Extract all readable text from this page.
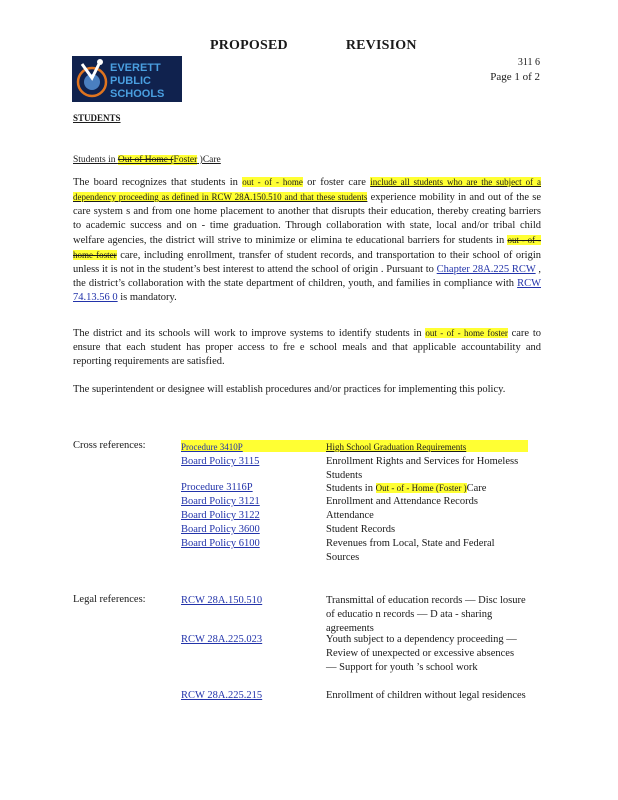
PROPOSED	REVISION
311 6
Page 1 of 2
EVERETT
PUBLIC
SCHOOLS
STUDENTS
Students in Out of Home (Foster )Care
The board recognizes that students in out - of - home or foster care include all students who are the subject of a dependency proceeding as defined in RCW 28A.150.510 and that these students experience mobility in and out of the se care system s and from one home placement to another that disrupts their education, thereby creating barriers to academic success and on - time graduation. Through collaboration with state, local and/or tribal child welfare agencies, the district will strive to minimize or elimina te educational barriers for students in out - of - home foster care, including enrollment, transfer of student records, and transportation to their school of origin unless it is not in the student’s best interest to attend the school of origin . Pursuant to Chapter 28A.225 RCW , the district’s collaboration with the state department of children, youth, and families in compliance with RCW 74.13.56 0 is mandatory.
The district and its schools will work to improve systems to identify students in out - of - home foster care to ensure that each student has proper access to fre e school meals and that applicable accountability and reporting requirements are satisfied.
The superintendent or designee will establish procedures and/or practices for implementing this policy.
Cross references:	Procedure 3410P	High School Graduation Requirements
Board Policy 3115	Enrollment Rights and Services for Homeless Students
Procedure 3116P	Students in Out - of - Home (Foster )Care
Board Policy 3121	Enrollment and Attendance Records
Board Policy 3122	Attendance
Board Policy 3600	Student Records
Board Policy 6100	Revenues from Local, State and Federal Sources
Legal references:	RCW 28A.150.510	Transmittal of education records — Disc losure of educatio n records — D ata - sharing agreements
RCW 28A.225.023	Youth subject to a dependency proceeding — Review of unexpected or excessive absences — Support for youth ’s school work
RCW 28A.225.215	Enrollment of children without legal residences
